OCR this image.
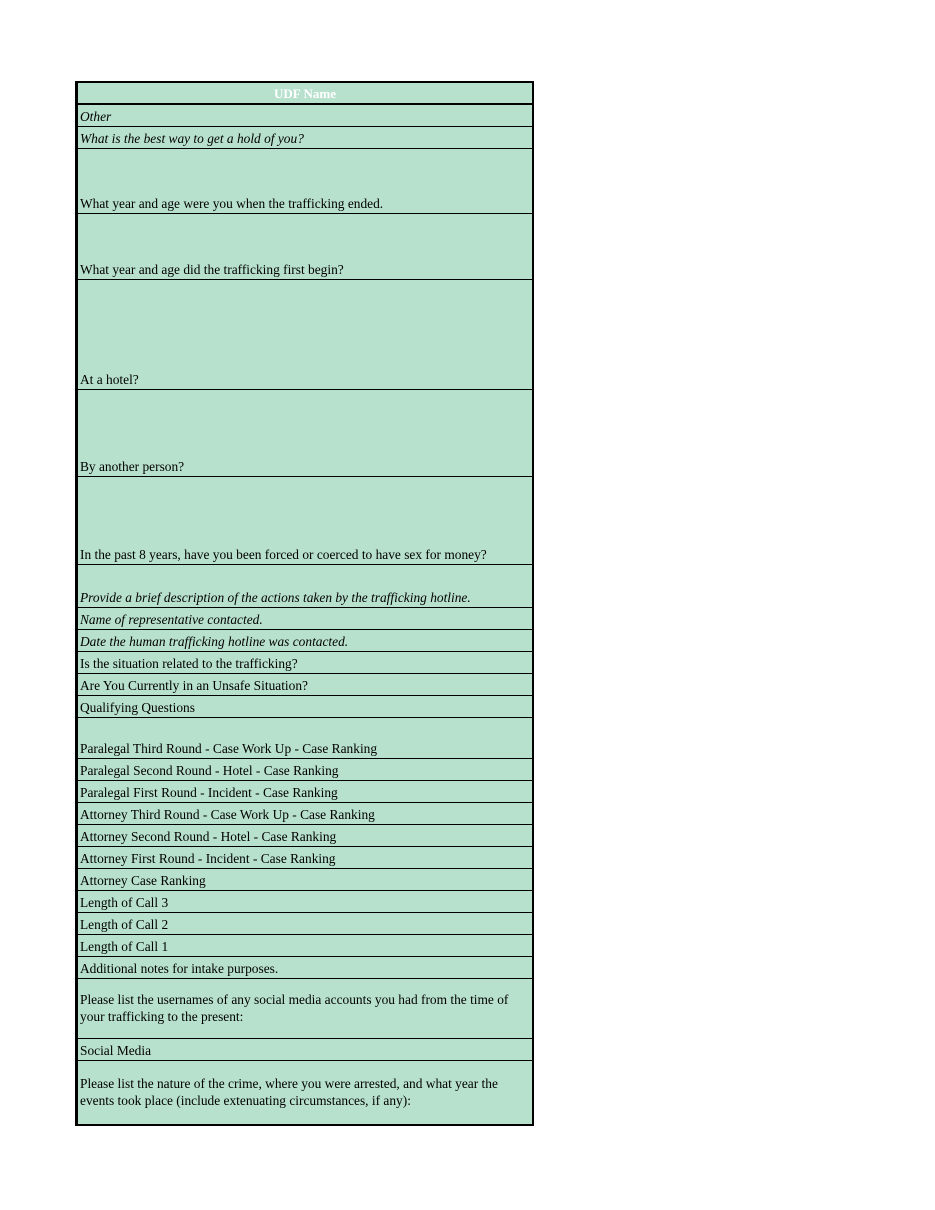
UDF Name
Other
What is the best way to get a hold of you?
What year and age were you when the trafficking ended.
What year and age did the trafficking first begin?
At a hotel?
By another person?
In the past 8 years, have you been forced or coerced to have sex for money?
Provide a brief description of the actions taken by the trafficking hotline.
Name of representative contacted.
Date the human trafficking hotline was contacted.
Is the situation related to the trafficking?
Are You Currently in an Unsafe Situation?
Qualifying Questions
Paralegal Third Round - Case Work Up - Case Ranking
Paralegal Second Round - Hotel - Case Ranking
Paralegal First Round - Incident - Case Ranking
Attorney Third Round - Case Work Up - Case Ranking
Attorney Second Round - Hotel - Case Ranking
Attorney First Round - Incident - Case Ranking
Attorney Case Ranking
Length of Call 3
Length of Call 2
Length of Call 1
Additional notes for intake purposes.
Please list the usernames of any social media accounts you had from the time of your trafficking to the present:
Social Media
Please list the nature of the crime, where you were arrested, and what year the events took place (include extenuating circumstances, if any):
